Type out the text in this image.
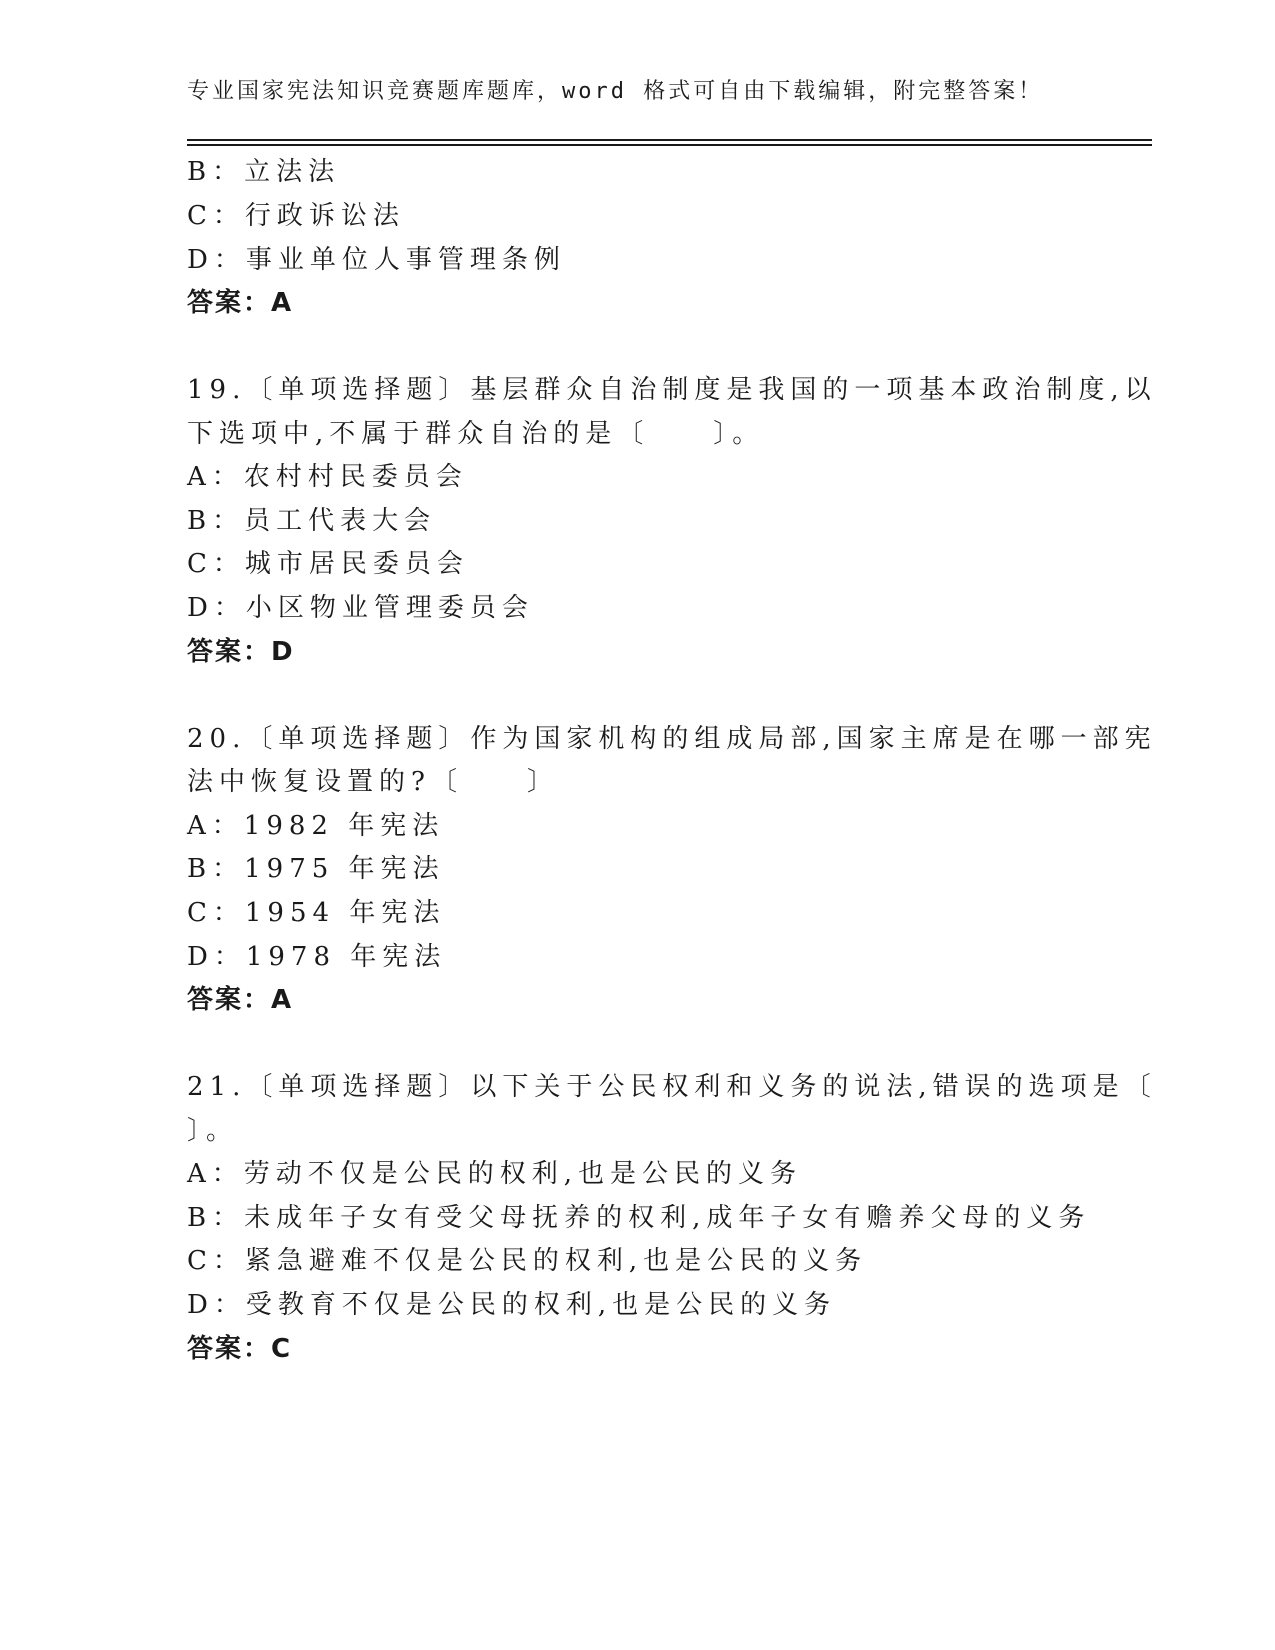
专业国家宪法知识竞赛题库题库，word 格式可自由下载编辑，附完整答案！
B：立法法
C：行政诉讼法
D：事业单位人事管理条例
答案：A
19.〔单项选择题〕基层群众自治制度是我国的一项基本政治制度,以
下选项中,不属于群众自治的是〔　　〕。
A：农村村民委员会
B：员工代表大会
C：城市居民委员会
D：小区物业管理委员会
答案：D
20.〔单项选择题〕作为国家机构的组成局部,国家主席是在哪一部宪
法中恢复设置的?〔　　〕
A：1982 年宪法
B：1975 年宪法
C：1954 年宪法
D：1978 年宪法
答案：A
21.〔单项选择题〕以下关于公民权利和义务的说法,错误的选项是〔
〕。
A：劳动不仅是公民的权利,也是公民的义务
B：未成年子女有受父母抚养的权利,成年子女有赡养父母的义务
C：紧急避难不仅是公民的权利,也是公民的义务
D：受教育不仅是公民的权利,也是公民的义务
答案：C
